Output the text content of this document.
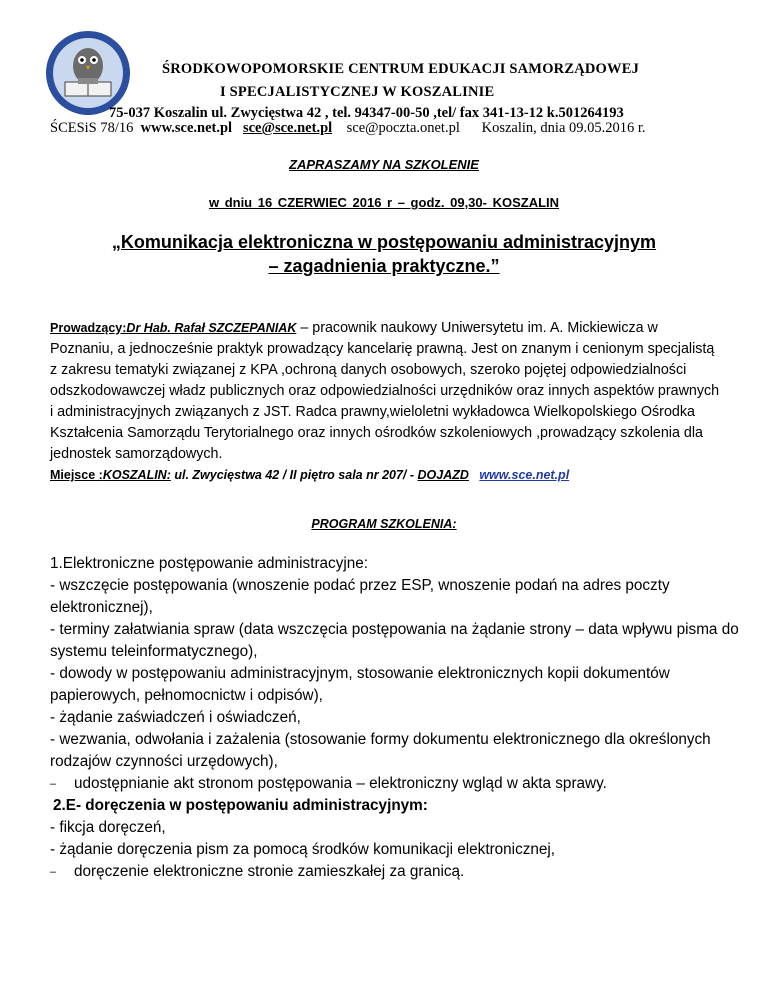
ŚRODKOWOPOMORSKIE CENTRUM EDUKACJI SAMORZĄDOWEJ
I SPECJALISTYCZNEJ W KOSZALINIE
75-037 Koszalin ul. Zwycięstwa 42 , tel. 94347-00-50 ,tel/ fax 341-13-12 k.501264193
ŚCESiS 78/16 www.sce.net.pl sce@sce.net.pl sce@poczta.onet.pl Koszalin, dnia 09.05.2016 r.
ZAPRASZAMY NA SZKOLENIE
w dniu 16 CZERWIEC 2016 r – godz. 09,30- KOSZALIN
„Komunikacja elektroniczna w postępowaniu administracyjnym
– zagadnienia praktyczne.”
Prowadzący:Dr Hab. Rafał SZCZEPANIAK – pracownik naukowy Uniwersytetu im. A. Mickiewicza w Poznaniu, a jednocześnie praktyk prowadzący kancelarię prawną. Jest on znanym i cenionym specjalistą z zakresu tematyki związanej z KPA ,ochroną danych osobowych, szeroko pojętej odpowiedzialności odszkodowawczej władz publicznych oraz odpowiedzialności urzędników oraz innych aspektów prawnych i administracyjnych związanych z JST. Radca prawny,wieloletni wykładowca Wielkopolskiego Ośrodka Kształcenia Samorządu Terytorialnego oraz innych ośrodków szkoleniowych ,prowadzący szkolenia dla jednostek samorządowych.
Miejsce :KOSZALIN: ul. Zwycięstwa 42 / II piętro sala nr 207/ - DOJAZD www.sce.net.pl
PROGRAM SZKOLENIA:
1.Elektroniczne postępowanie administracyjne:
- wszczęcie postępowania (wnoszenie podać przez ESP, wnoszenie podań na adres poczty elektronicznej),
- terminy załatwiania spraw (data wszczęcia postępowania na żądanie strony – data wpływu pisma do systemu teleinformatycznego),
- dowody w postępowaniu administracyjnym, stosowanie elektronicznych kopii dokumentów papierowych, pełnomocnictw i odpisów),
- żądanie zaświadczeń i oświadczeń,
- wezwania, odwołania i zażalenia (stosowanie formy dokumentu elektronicznego dla określonych rodzajów czynności urzędowych),
– udostępnianie akt stronom postępowania – elektroniczny wgląd w akta sprawy.
2.E- doręczenia w postępowaniu administracyjnym:
- fikcja doręczeń,
- żądanie doręczenia pism za pomocą środków komunikacji elektronicznej,
– doręczenie elektroniczne stronie zamieszkałej za granicą.
